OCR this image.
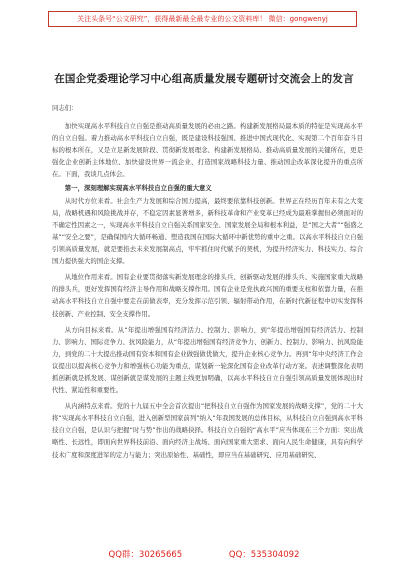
关注头条号“公文研究”，获得最新最全最专业的公文资料库！ 微信：gongwenyj
在国企党委理论学习中心组高质量发展专题研讨交流会上的发言

同志们：

加快实现高水平科技自立自强是推动高质量发展的必由之路。构建新发展格局最本质的特征是实现高水平的自立自强。着力推动高水平科技自立自强，既是建设科技强国、推进中国式现代化、实现第二个百年奋斗目标的根本所在，又是立足新发展阶段、贯彻新发展理念、构建新发展格局、推动高质量发展的关键所在，更是强化企业创新主体地位、加快建设世界一流企业、打造国家战略科技力量、推动国企改革深化提升的重点所在。下面，我谈几点体会。

第一，深刻理解实现高水平科技自立自强的重大意义

从时代方位来看。社会生产力发展和综合国力提高，最终要依靠科技创新。世界正在经历百年未有之大变局，战略机遇和风险挑战并存，不稳定因素显著增多，新科技革命和产业变革已经成为最难掌握但必须面对的不确定性因素之一，实现高水平科技自立自强关系国家安全、国家发展全局和根本利益，是“国之大者”“强盛之基”“安全之要”，是确保国内大循环畅通、塑造我国在国际大循环中新优势的重中之重。以高水平科技自立自强引领高质量发展，就是要掐去未来发展制高点，牢牢抓住时代赋予的契机，为提升经济实力、科技实力、综合国力提供强大的国企支撑。

从地位作用来看。国有企业要贯彻落实新发展理念的排头兵、创新驱动发展的排头兵、实施国家重大战略的排头兵，更好发挥国有经济主导作用和战略支撑作用。国有企业是党执政兴国的重要支柱和依靠力量，在推动高水平科技自立自强中要走在前做表率，充分发挥示范引领、辐射带动作用，在新时代新征程中切实发挥科技创新、产业控制、安全支撑作用。

从方向目标来看。从“年提出增强国有经济活力、控制力、影响力，到“年提出增强国有经济活力、控制力、影响力、国际竞争力、抗风险能力，从“年提出增强国有经济竞争力、创新力、控制力、影响力、抗风险能力，到党的二十大提出推动国有资本和国有企业做强做优做大，提升企业核心竞争力。再到“年中央经济工作会议提出以提高核心竞争力和增强核心功能为重点，谋划新一轮深化国有企业改革行动方案。表述调整深化表明抓创新就是抓发展、谋创新就是谋发展的主题主线更加明确，以高水平科技自立自强引领高质量发展体现出时代性、紧迫性和重要性。

从内涵特点来看。党的十九届五中全会首次提出“把科技自立自强作为国家发展的战略支撑”，党的二十大将“实现高水平科技自立自强，进入创新型国家前列”纳入“年我国发展的总体目标，从科技自立自强到高水平科技自立自强，是认识与把握“时与势”作出的战略抉择。科技自立自强的“高水平”应当体现在三个方面：突出战略性、长远性，即面向世界科技前沿、面向经济主战场、面向国家重大需求、面向人民生命健康，具有向科学技术广度和深度进军的定力与能力；突出原始性、基础性，即应当在基础研究、应用基础研究、

QQ群：30265665	QQ：535304092
